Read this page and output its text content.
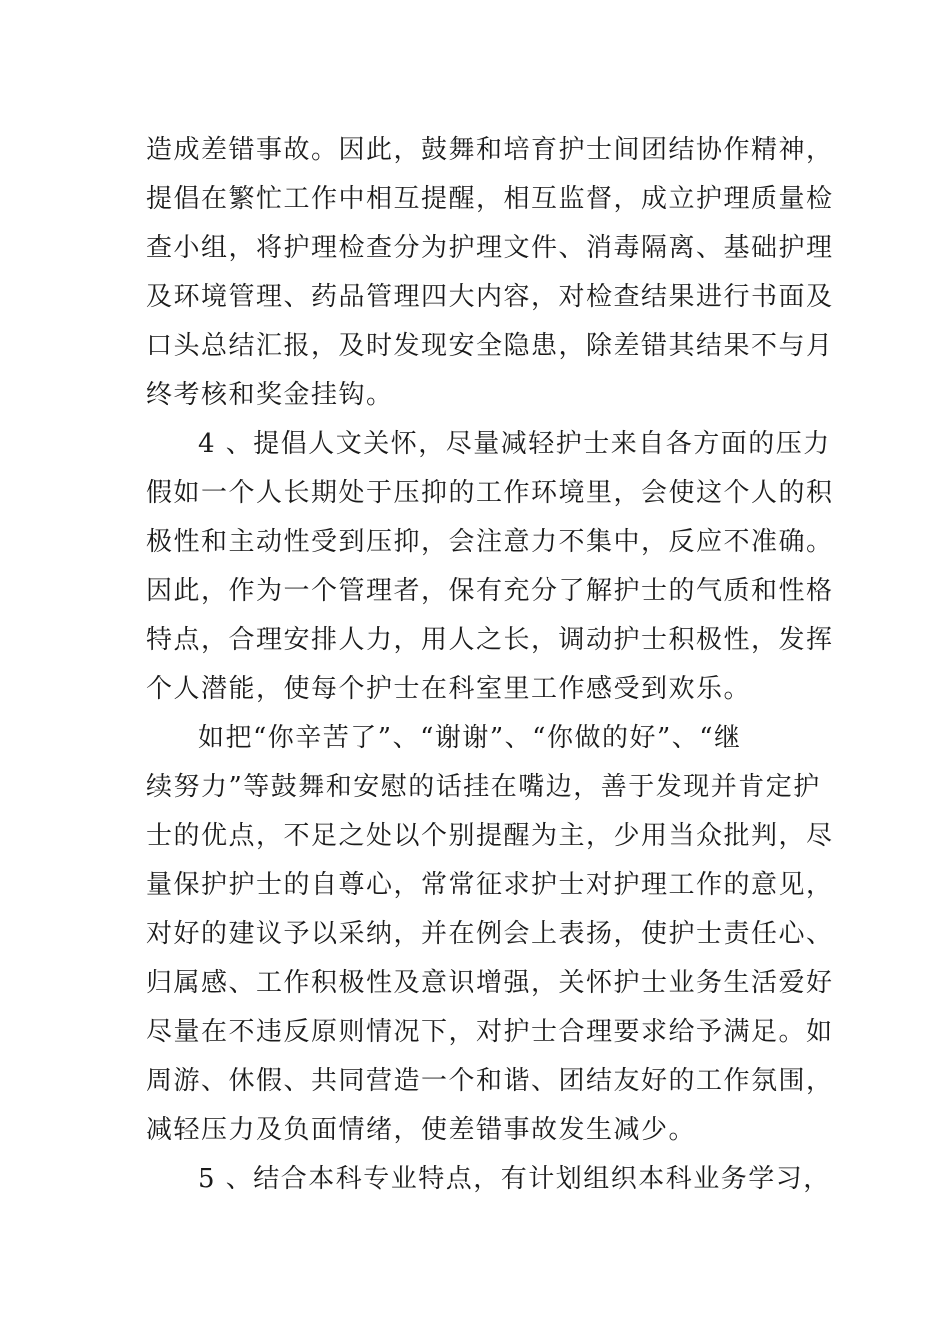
造成差错事故。因此，鼓舞和培育护士间团结协作精神，
提倡在繁忙工作中相互提醒，相互监督，成立护理质量检
查小组，将护理检查分为护理文件、消毒隔离、基础护理
及环境管理、药品管理四大内容，对检查结果进行书面及
口头总结汇报，及时发现安全隐患，除差错其结果不与月
终考核和奖金挂钩。
4 、提倡人文关怀，尽量减轻护士来自各方面的压力
假如一个人长期处于压抑的工作环境里，会使这个人的积
极性和主动性受到压抑，会注意力不集中，反应不准确。
因此，作为一个管理者，保有充分了解护士的气质和性格
特点，合理安排人力，用人之长，调动护士积极性，发挥
个人潜能，使每个护士在科室里工作感受到欢乐。
如把“你辛苦了”、“谢谢”、“你做的好”、“继
续努力”等鼓舞和安慰的话挂在嘴边，善于发现并肯定护
士的优点，不足之处以个别提醒为主，少用当众批判，尽
量保护护士的自尊心，常常征求护士对护理工作的意见，
对好的建议予以采纳，并在例会上表扬，使护士责任心、
归属感、工作积极性及意识增强，关怀护士业务生活爱好
尽量在不违反原则情况下，对护士合理要求给予满足。如
周游、休假、共同营造一个和谐、团结友好的工作氛围，
减轻压力及负面情绪，使差错事故发生减少。
5 、结合本科专业特点，有计划组织本科业务学习，
